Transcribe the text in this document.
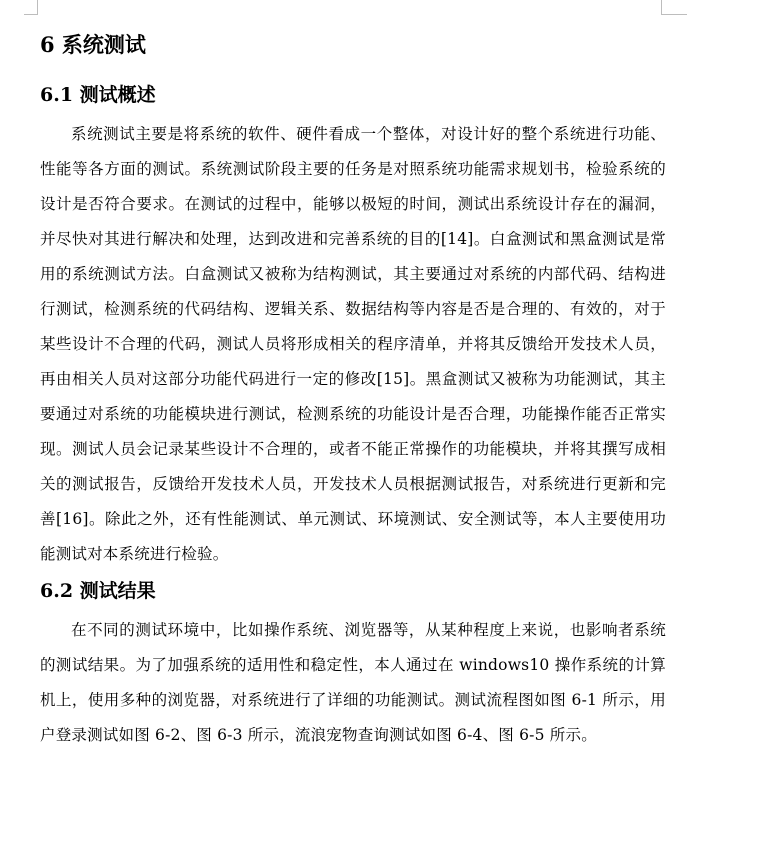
6 系统测试
6.1 测试概述

系统测试主要是将系统的软件、硬件看成一个整体，对设计好的整个系统进行功能、性能等各方面的测试。系统测试阶段主要的任务是对照系统功能需求规划书，检验系统的设计是否符合要求。在测试的过程中，能够以极短的时间，测试出系统设计存在的漏洞，并尽快对其进行解决和处理，达到改进和完善系统的目的[14]。白盒测试和黑盒测试是常用的系统测试方法。白盒测试又被称为结构测试，其主要通过对系统的内部代码、结构进行测试，检测系统的代码结构、逻辑关系、数据结构等内容是否是合理的、有效的，对于某些设计不合理的代码，测试人员将形成相关的程序清单，并将其反馈给开发技术人员，再由相关人员对这部分功能代码进行一定的修改[15]。黑盒测试又被称为功能测试，其主要通过对系统的功能模块进行测试，检测系统的功能设计是否合理，功能操作能否正常实现。测试人员会记录某些设计不合理的，或者不能正常操作的功能模块，并将其撰写成相关的测试报告，反馈给开发技术人员，开发技术人员根据测试报告，对系统进行更新和完善[16]。除此之外，还有性能测试、单元测试、环境测试、安全测试等，本人主要使用功能测试对本系统进行检验。

6.2 测试结果

在不同的测试环境中，比如操作系统、浏览器等，从某种程度上来说，也影响者系统的测试结果。为了加强系统的适用性和稳定性，本人通过在 windows10 操作系统的计算机上，使用多种的浏览器，对系统进行了详细的功能测试。测试流程图如图 6-1 所示，用户登录测试如图 6-2、图 6-3 所示，流浪宠物查询测试如图 6-4、图 6-5 所示。
